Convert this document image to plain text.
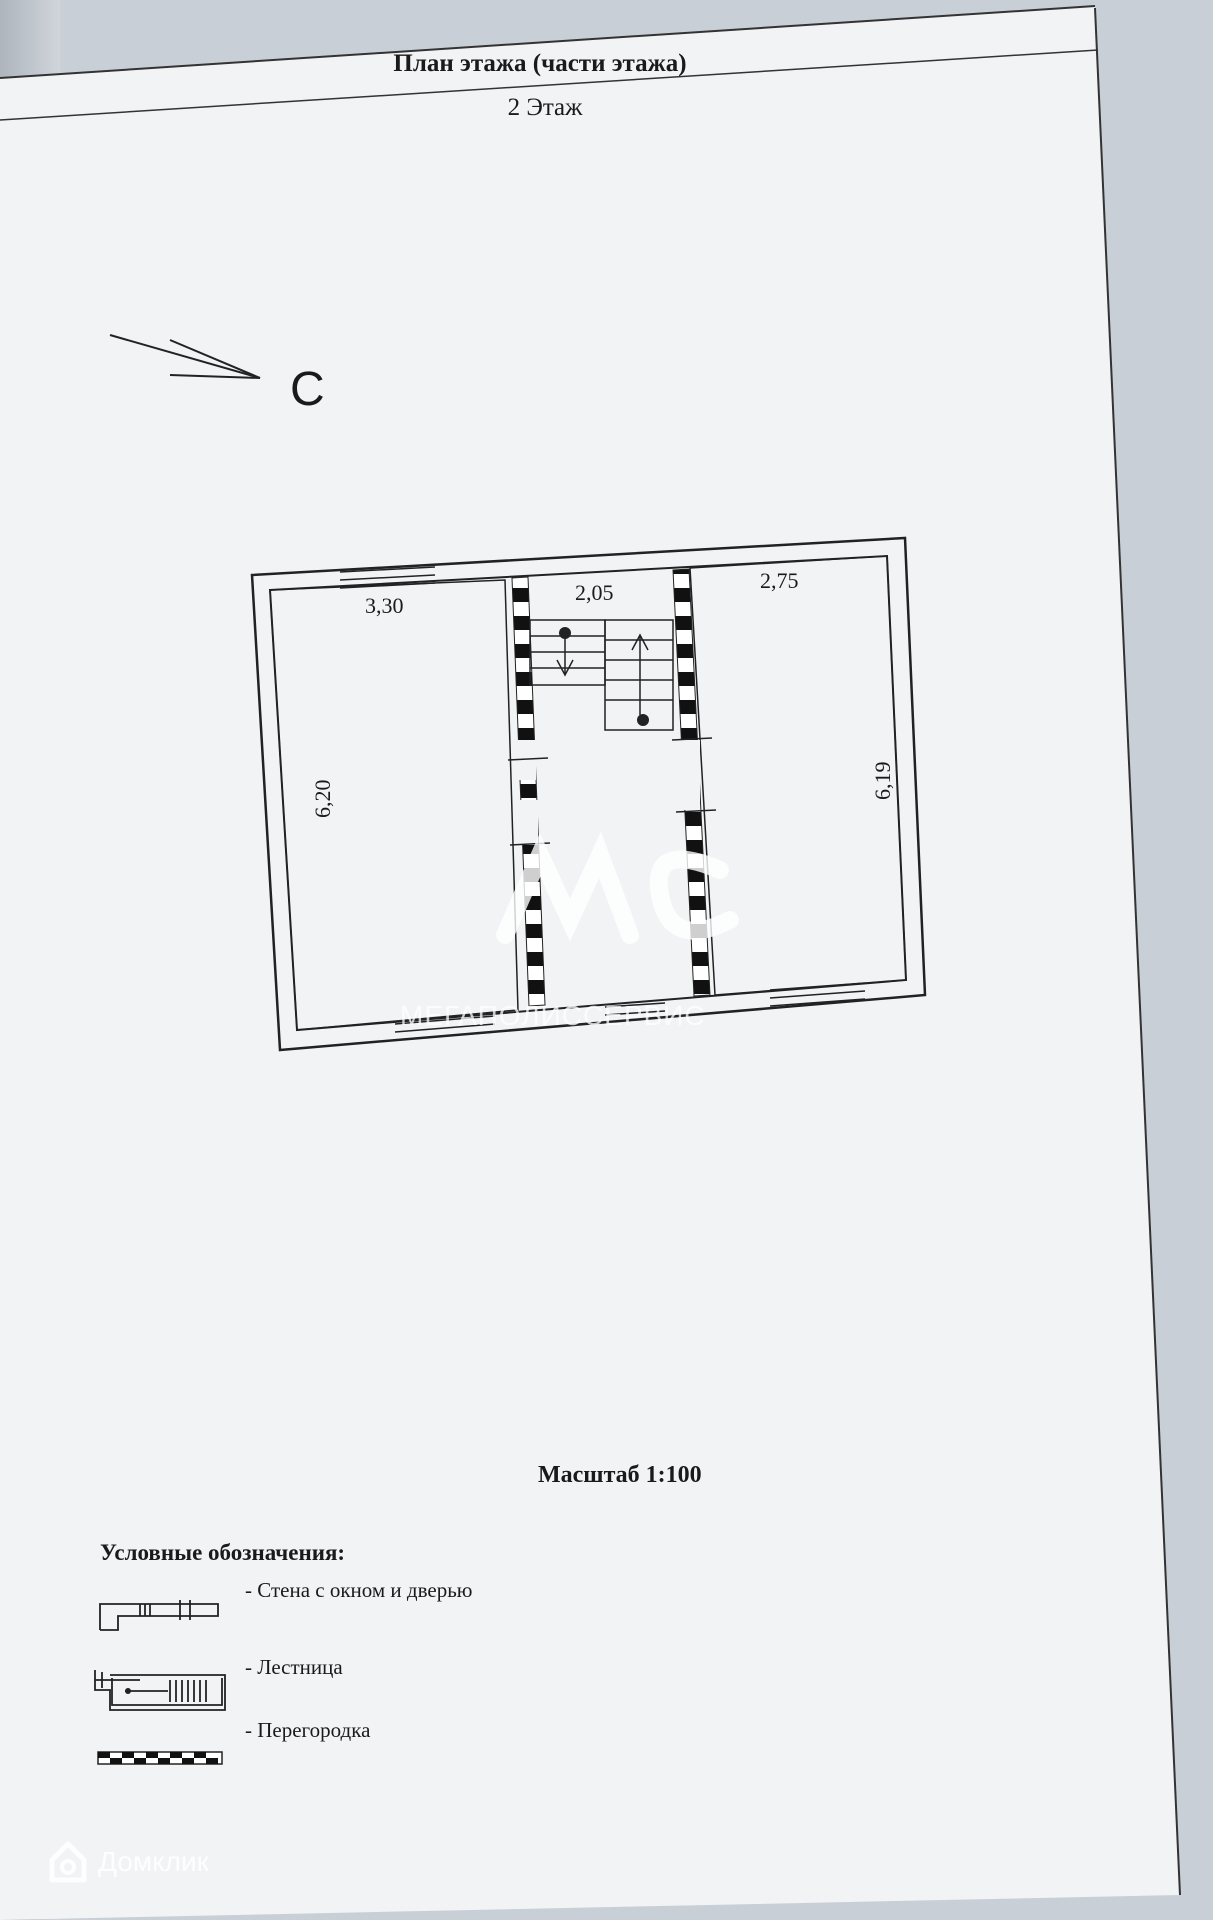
План этажа (части этажа)
2 Этаж
С
3,30
2,05	2,75
6,20	6,19
МЕГАПОЛИССЕРВИС
Масштаб 1:100
Условные обозначения:
- Стена с окном и дверью
- Лестница
- Перегородка
Домклик
